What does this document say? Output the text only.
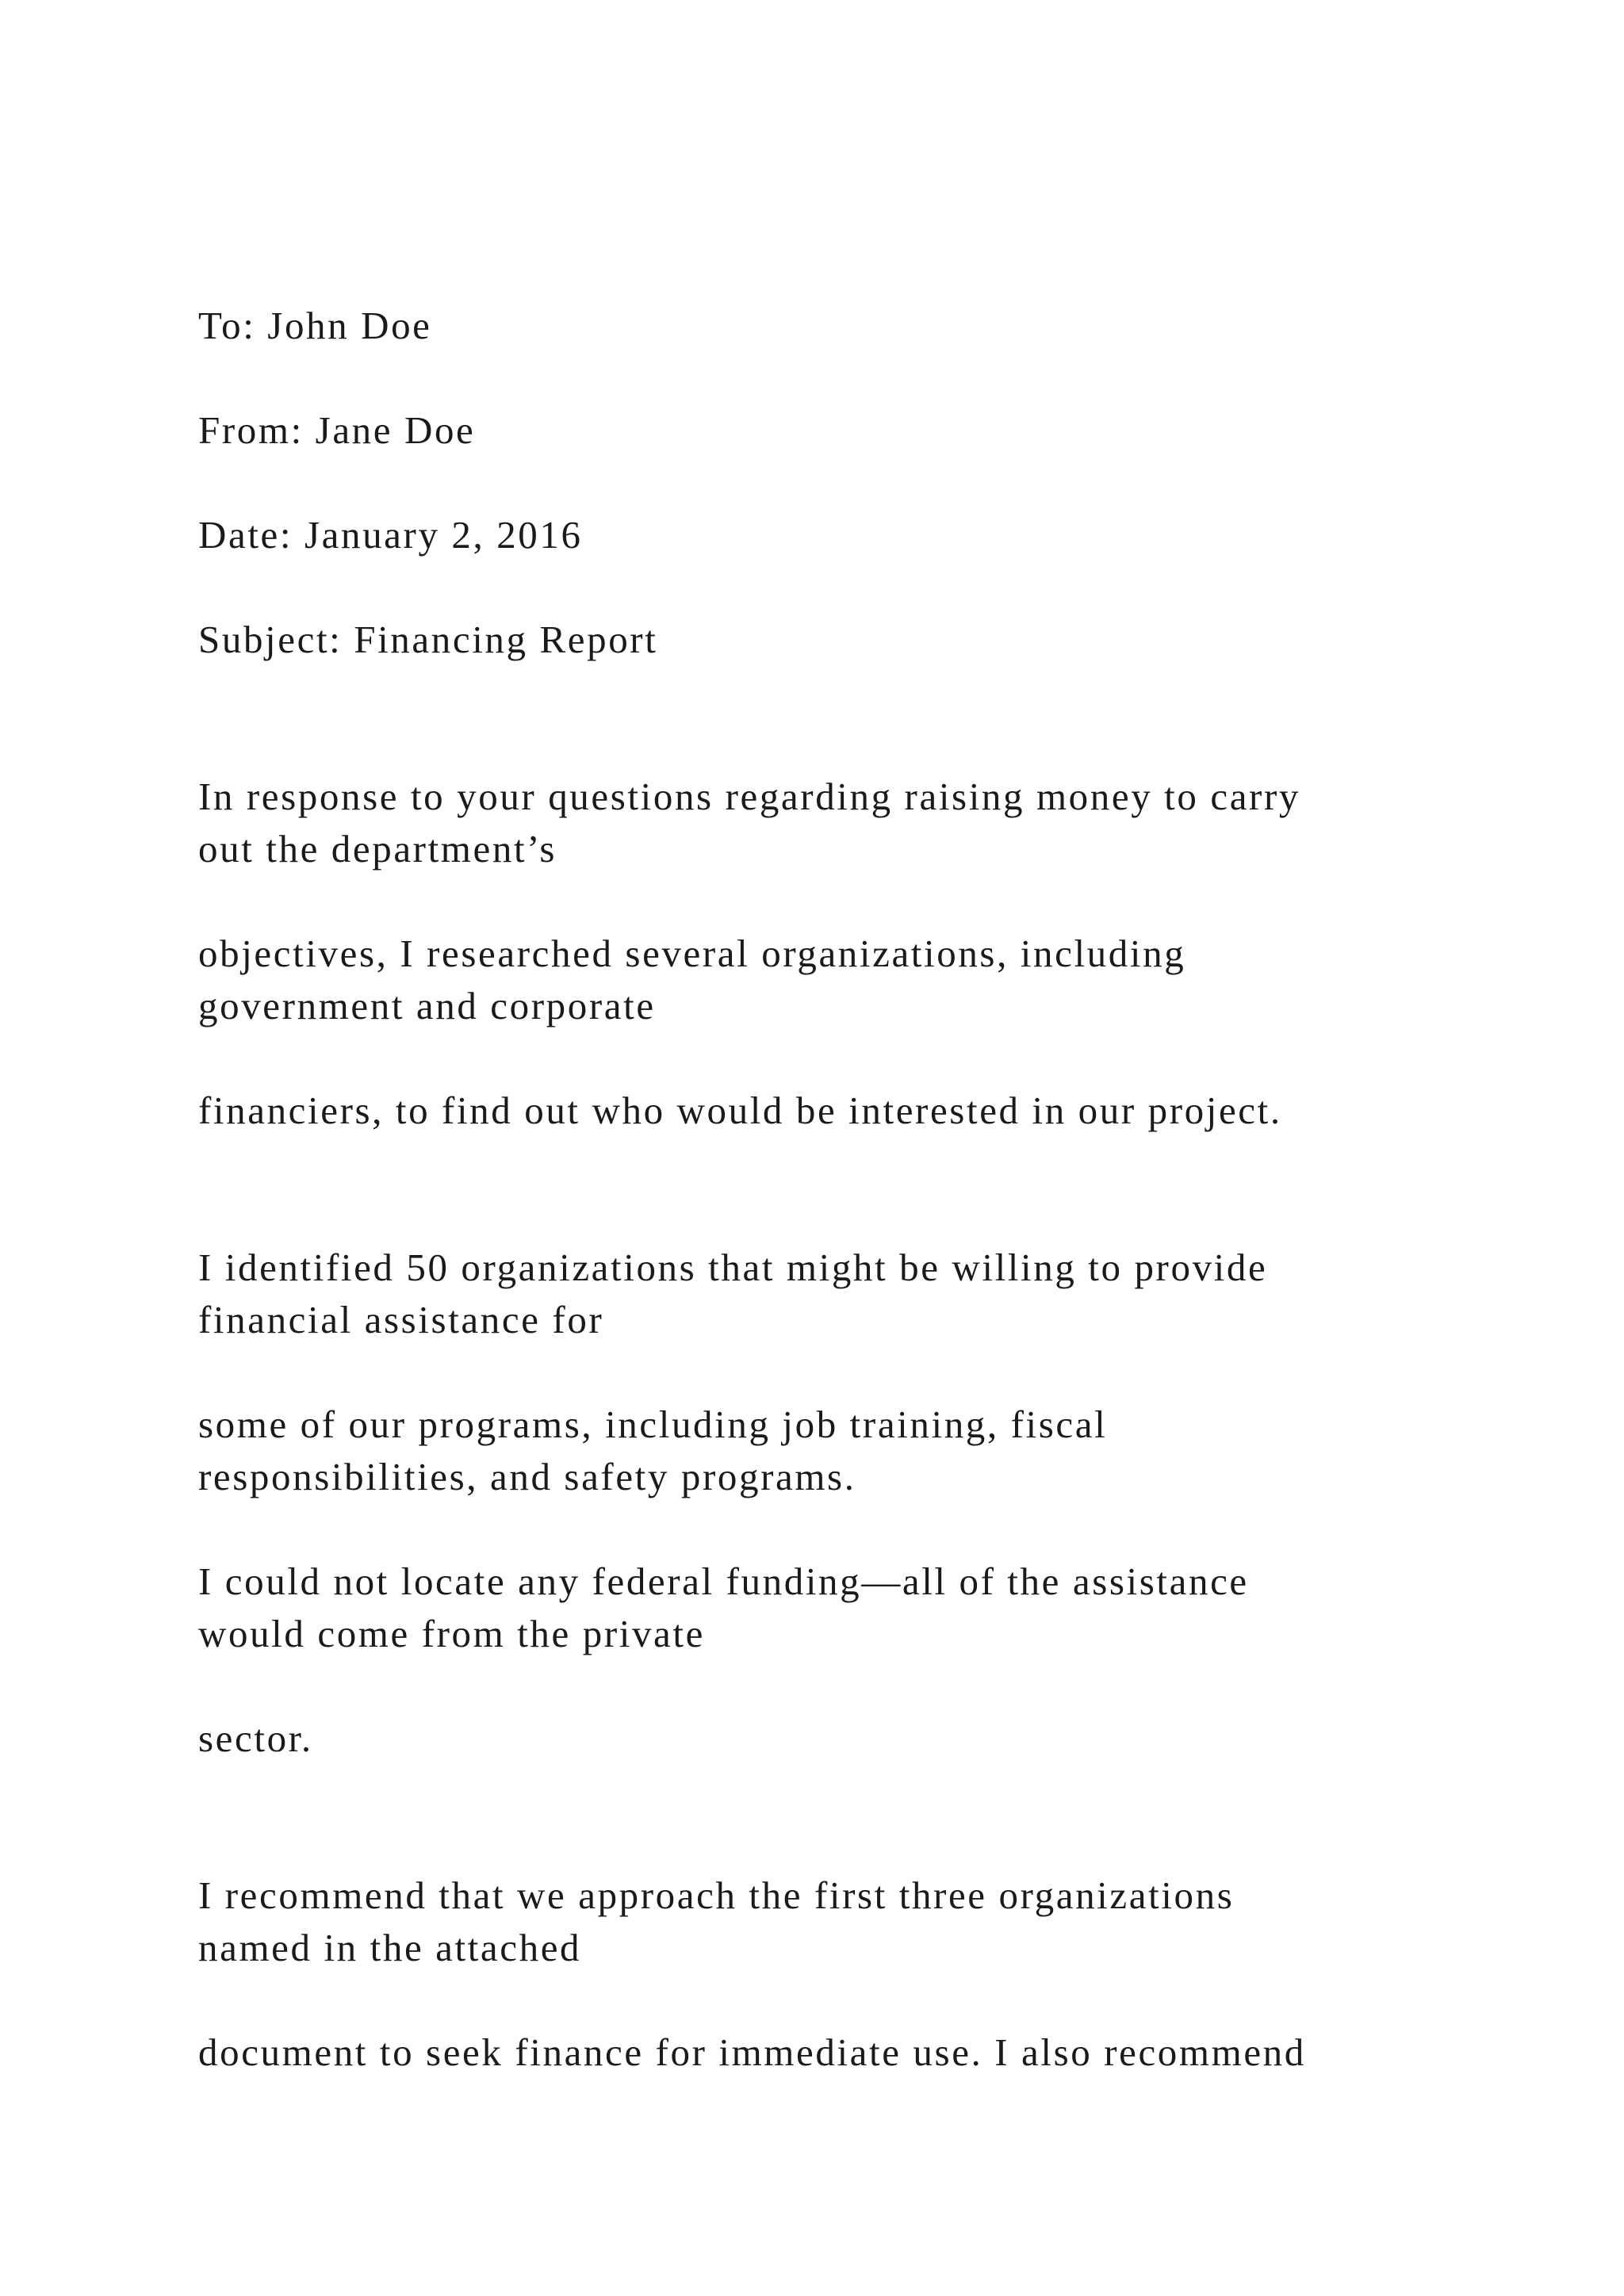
To: John Doe

From: Jane Doe

Date: January 2, 2016

Subject: Financing Report

In response to your questions regarding raising money to carry

out the department’s

objectives, I researched several organizations, including

government and corporate

financiers, to find out who would be interested in our project.

I identified 50 organizations that might be willing to provide

financial assistance for

some of our programs, including job training, fiscal

responsibilities, and safety programs.

I could not locate any federal funding—all of the assistance

would come from the private

sector.

I recommend that we approach the first three organizations

named in the attached

document to seek finance for immediate use. I also recommend
